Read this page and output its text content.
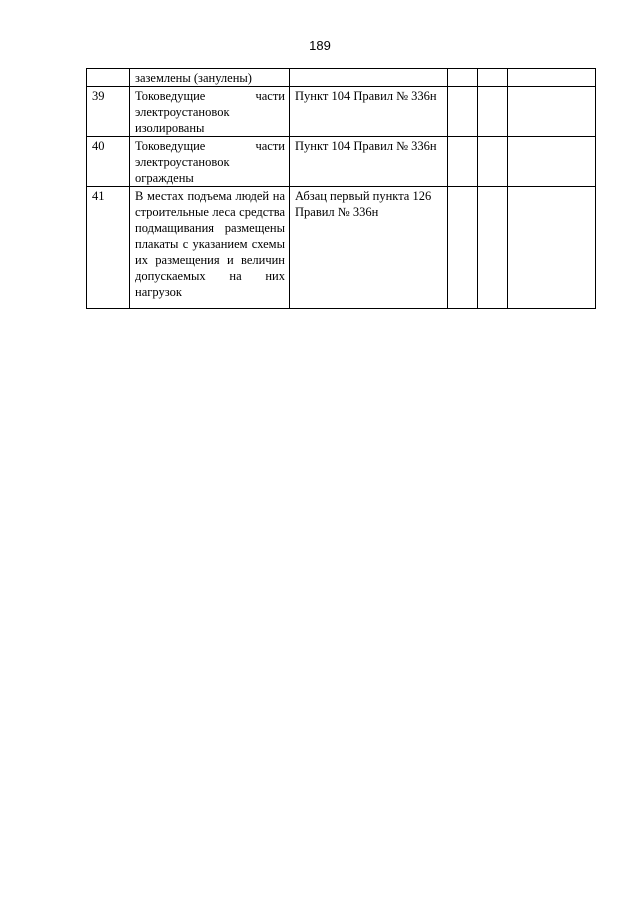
189
	заземлены (занулены)				
39	Токоведущие части электроустановок изолированы	Пункт 104 Правил № 336н			
40	Токоведущие части электроустановок ограждены	Пункт 104 Правил № 336н			
41	В местах подъема людей на строительные леса средства подмащивания размещены плакаты с указанием схемы их размещения и величин допускаемых на них нагрузок	Абзац первый пункта 126 Правил № 336н			
